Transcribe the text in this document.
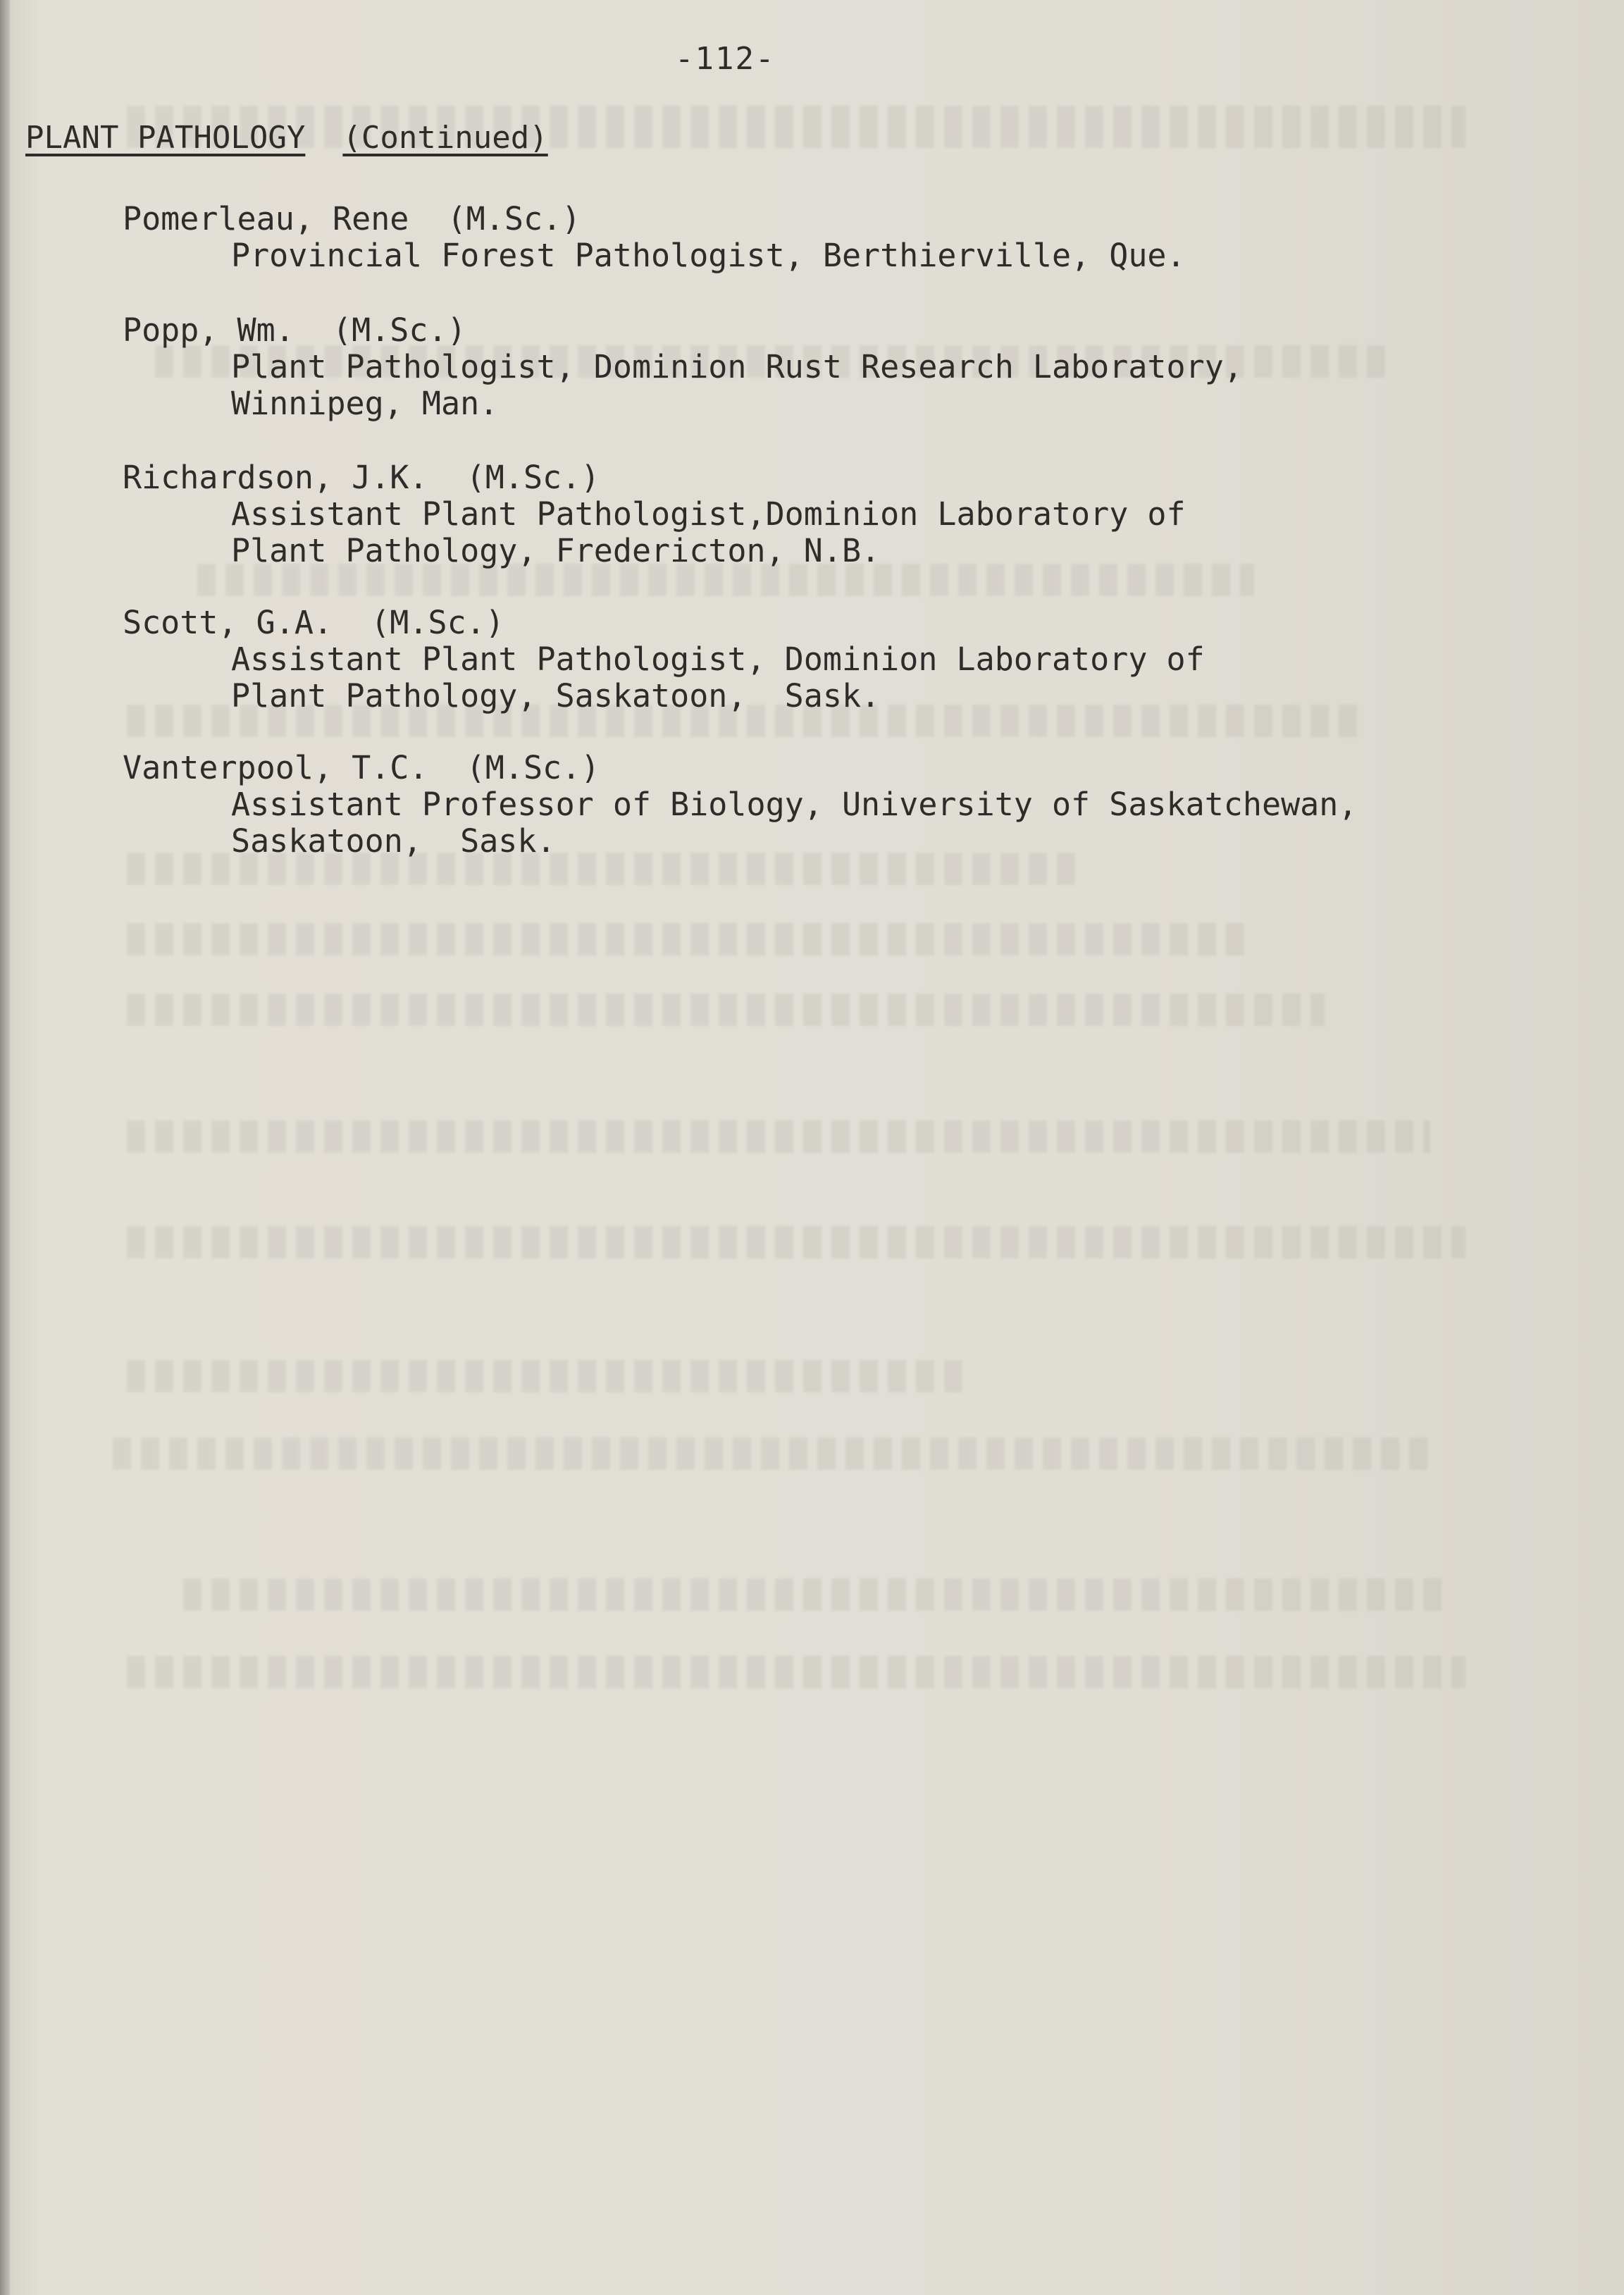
-112-
PLANT PATHOLOGY (Continued)
Pomerleau, Rene (M.Sc.)
Provincial Forest Pathologist, Berthierville, Que.
Popp, Wm. (M.Sc.)
Plant Pathologist, Dominion Rust Research Laboratory,
Winnipeg, Man.
Richardson, J.K. (M.Sc.)
Assistant Plant Pathologist,Dominion Laboratory of
Plant Pathology, Fredericton, N.B.
Scott, G.A. (M.Sc.)
Assistant Plant Pathologist, Dominion Laboratory of
Plant Pathology, Saskatoon,  Sask.
Vanterpool, T.C. (M.Sc.)
Assistant Professor of Biology, University of Saskatchewan,
Saskatoon,  Sask.
